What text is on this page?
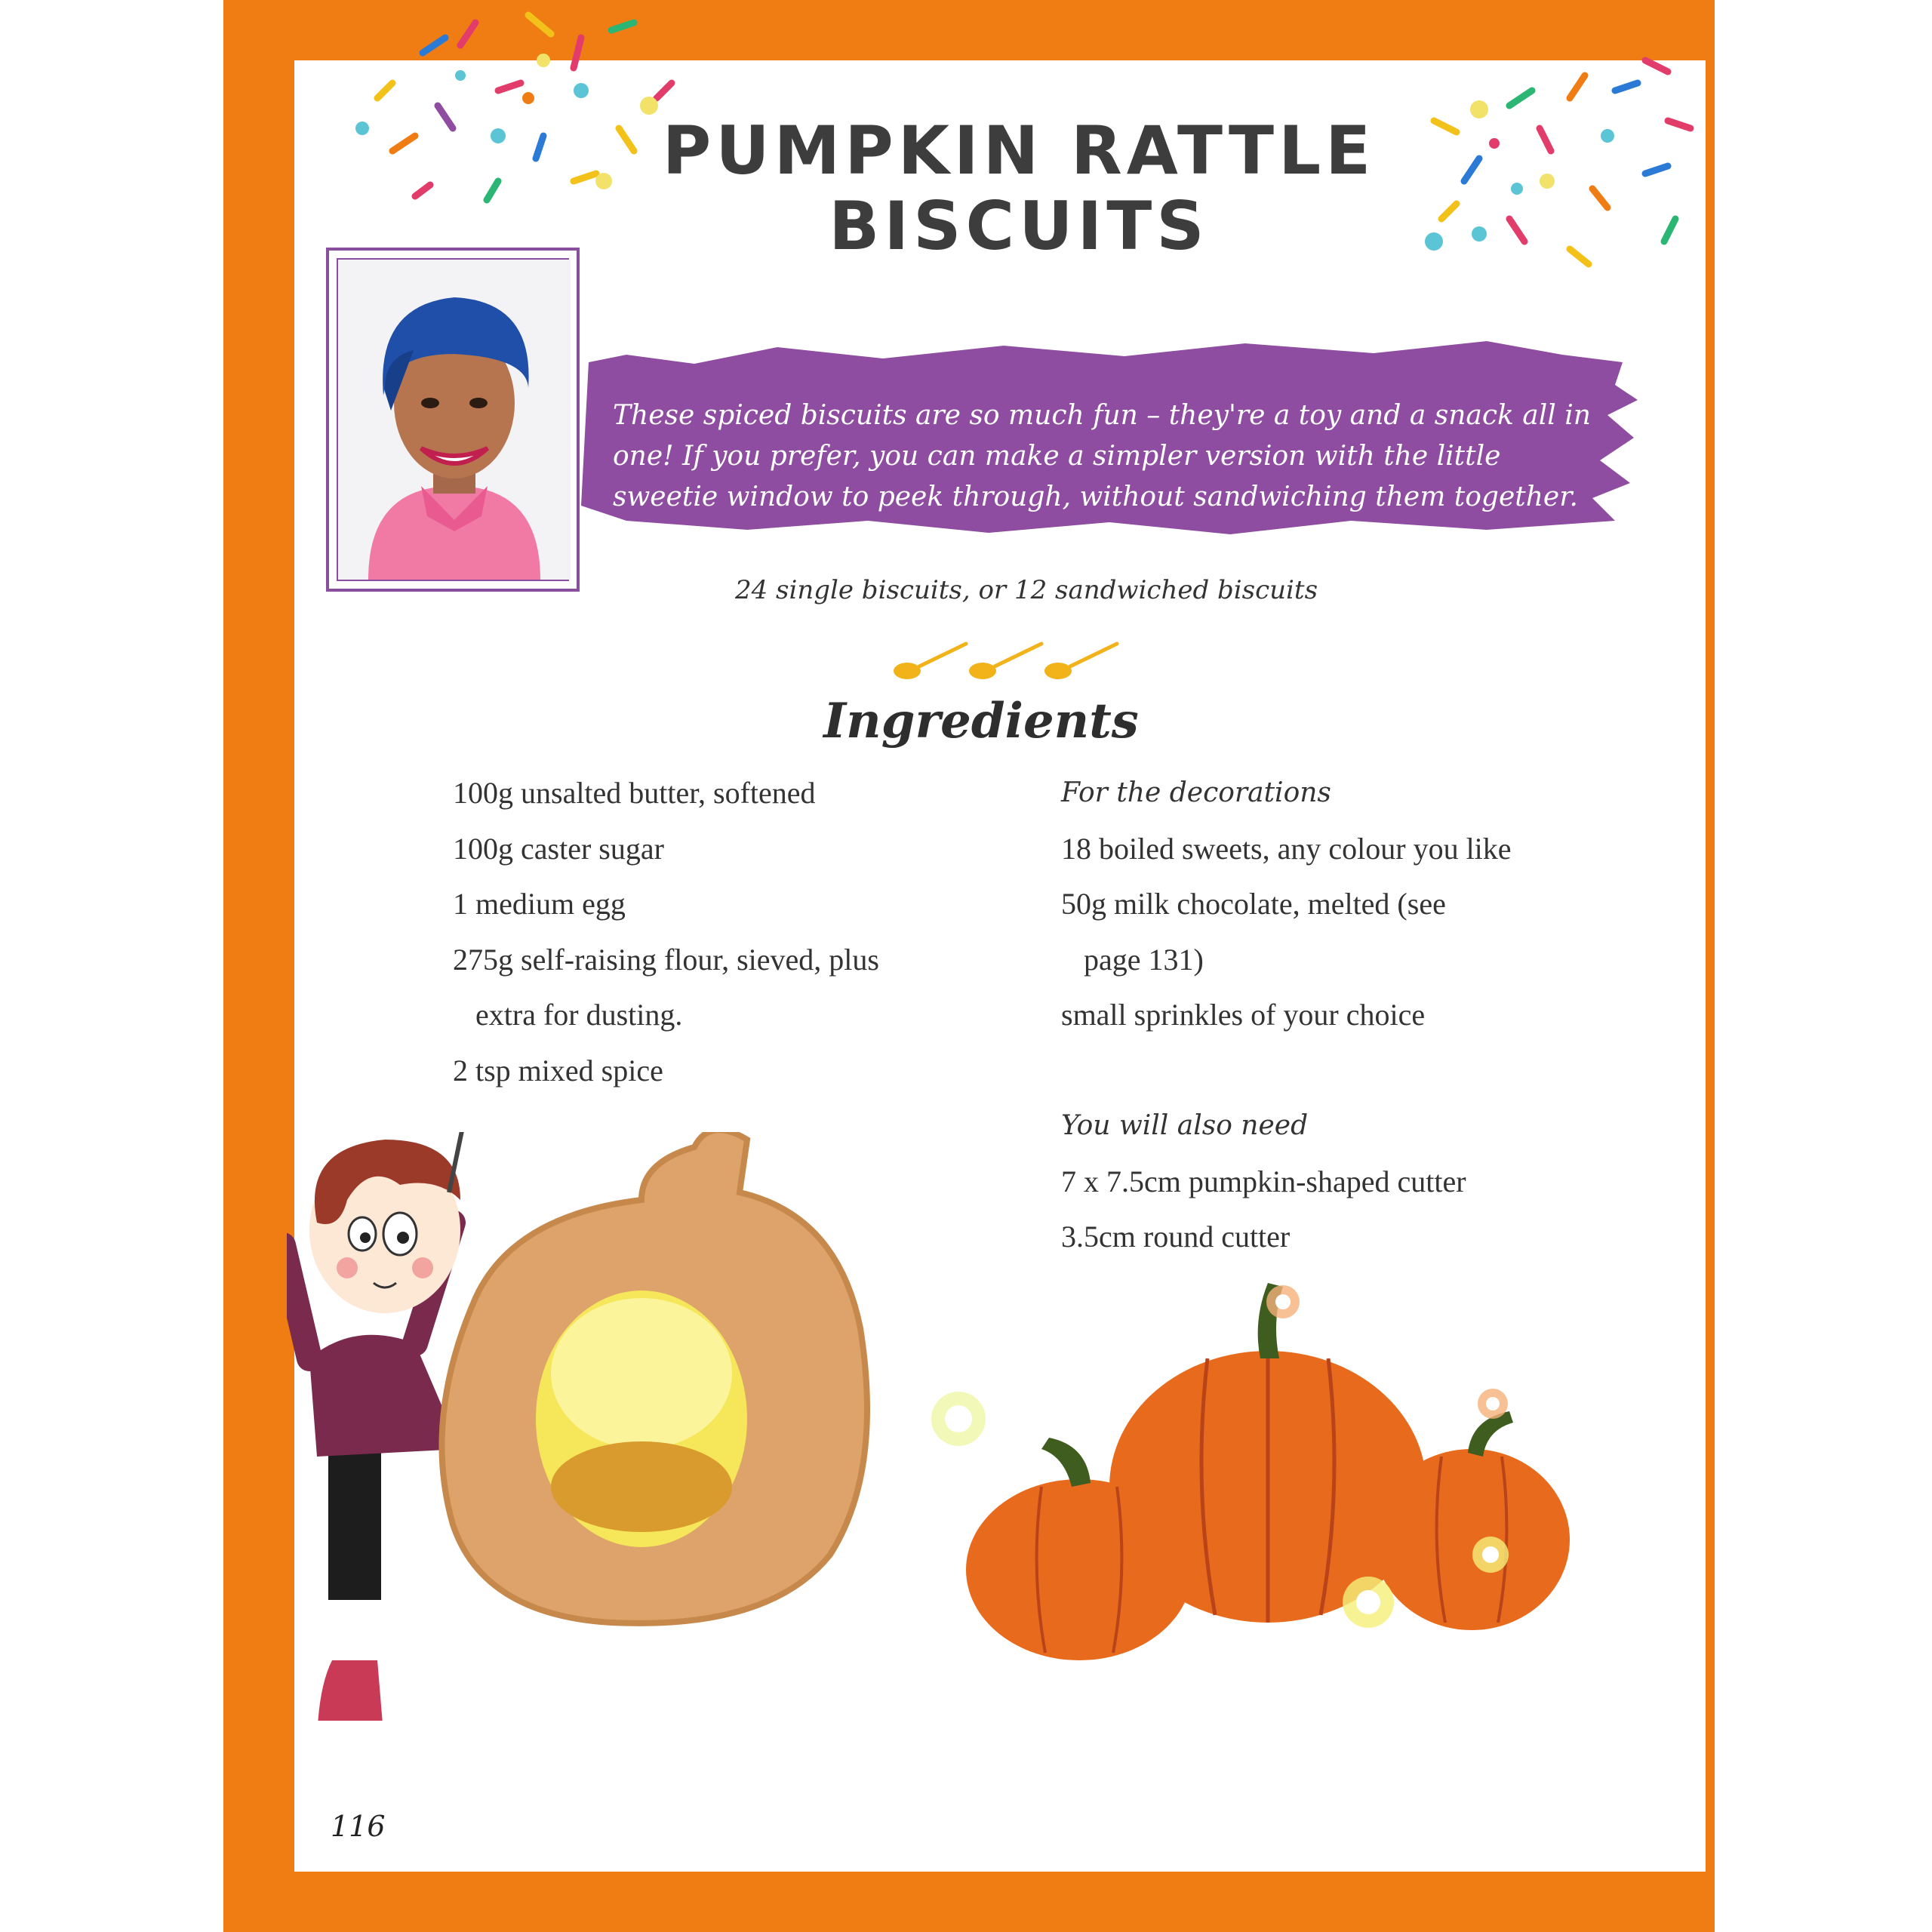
PUMPKIN RATTLE
BISCUITS

These spiced biscuits are so much fun – they're a toy and a snack all in one! If you prefer, you can make a simpler version with the little sweetie window to peek through, without sandwiching them together.

24 single biscuits, or 12 sandwiched biscuits
Ingredients

100g unsalted butter, softened

100g caster sugar

1 medium egg

275g self-raising flour, sieved, plus

extra for dusting.

2 tsp mixed spice

For the decorations

18 boiled sweets, any colour you like

50g milk chocolate, melted (see

page 131)

small sprinkles of your choice

You will also need

7 x 7.5cm pumpkin-shaped cutter

3.5cm round cutter

116
